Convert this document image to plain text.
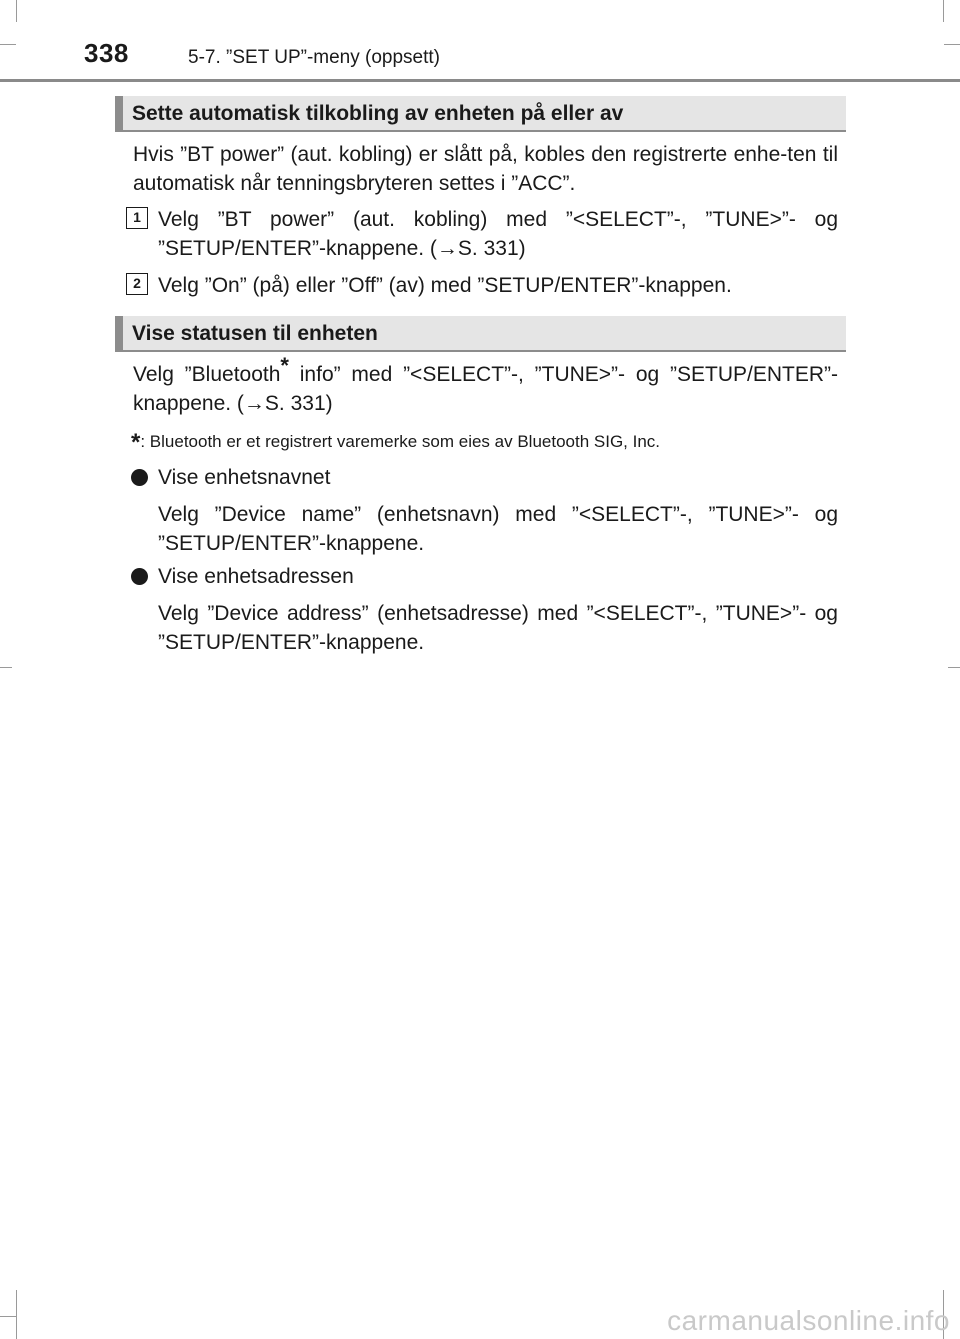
338	5-7. ”SET UP”-meny (oppsett)
Sette automatisk tilkobling av enheten på eller av
Hvis ”BT power” (aut. kobling) er slått på, kobles den registrerte enhe-ten til automatisk når tenningsbryteren settes i ”ACC”.
1 Velg ”BT power” (aut. kobling) med ”<SELECT”-, ”TUNE>”- og ”SETUP/ENTER”-knappene. (→S. 331)
2 Velg ”On” (på) eller ”Off” (av) med ”SETUP/ENTER”-knappen.
Vise statusen til enheten
Velg ”Bluetooth* info” med ”<SELECT”-, ”TUNE>”- og ”SETUP/ENTER”-knappene. (→S. 331)
*: Bluetooth er et registrert varemerke som eies av Bluetooth SIG, Inc.
Vise enhetsnavnet
Velg ”Device name” (enhetsnavn) med ”<SELECT”-, ”TUNE>”- og ”SETUP/ENTER”-knappene.
Vise enhetsadressen
Velg ”Device address” (enhetsadresse) med ”<SELECT”-, ”TUNE>”- og ”SETUP/ENTER”-knappene.
carmanualsonline.info
